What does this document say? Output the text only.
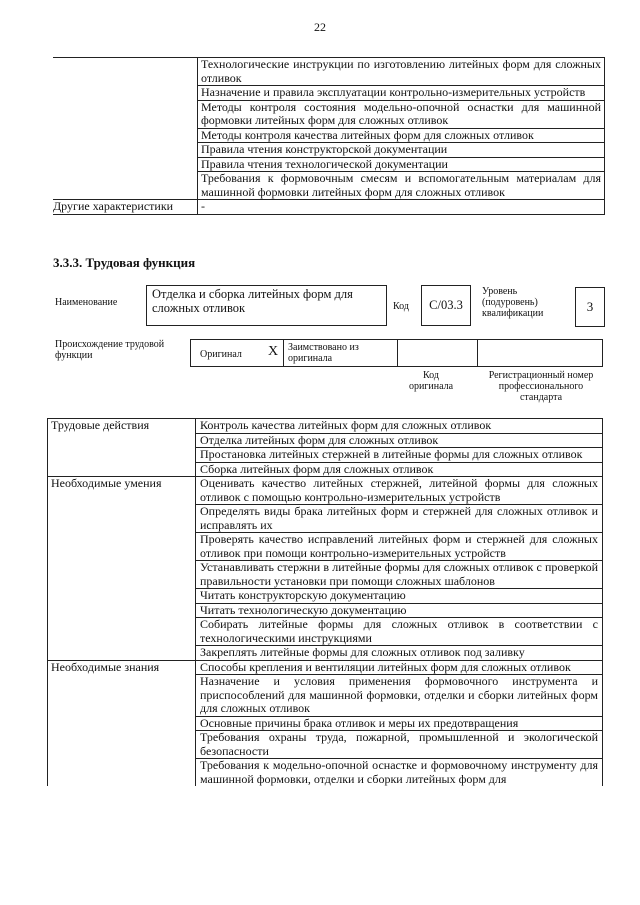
22
	Технологические инструкции по изготовлению литейных форм для сложных отливок
	Назначение и правила эксплуатации контрольно-измерительных устройств
	Методы контроля состояния модельно-опочной оснастки для машинной формовки литейных форм для сложных отливок
	Методы контроля качества литейных форм для сложных отливок
	Правила чтения конструкторской документации
	Правила чтения технологической документации
	Требования к формовочным смесям и вспомогательным материалам для машинной формовки литейных форм для сложных отливок
Другие характеристики	-
3.3.3. Трудовая функция
Наименование
Отделка и сборка литейных форм для сложных отливок	Код С/03.3
Уровень (подуровень) квалификации	3
Происхождение трудовой функции	Оригинал X Заимствовано из оригинала
Код оригинала
Регистрационный номер профессионального стандарта
Трудовые действия	Контроль качества литейных форм для сложных отливок
	Отделка литейных форм для сложных отливок
	Простановка литейных стержней в литейные формы для сложных отливок
	Сборка литейных форм для сложных отливок
Необходимые умения	Оценивать качество литейных стержней, литейной формы для сложных отливок с помощью контрольно-измерительных устройств
	Определять виды брака литейных форм и стержней для сложных отливок и исправлять их
	Проверять качество исправлений литейных форм и стержней для сложных отливок при помощи контрольно-измерительных устройств
	Устанавливать стержни в литейные формы для сложных отливок с проверкой правильности установки при помощи сложных шаблонов
	Читать конструкторскую документацию
	Читать технологическую документацию
	Собирать литейные формы для сложных отливок в соответствии с технологическими инструкциями
	Закреплять литейные формы для сложных отливок под заливку
Необходимые знания	Способы крепления и вентиляции литейных форм для сложных отливок
	Назначение и условия применения формовочного инструмента и приспособлений для машинной формовки, отделки и сборки литейных форм для сложных отливок
	Основные причины брака отливок и меры их предотвращения
	Требования охраны труда, пожарной, промышленной и экологической безопасности
	Требования к модельно-опочной оснастке и формовочному инструменту для машинной формовки, отделки и сборки литейных форм для
